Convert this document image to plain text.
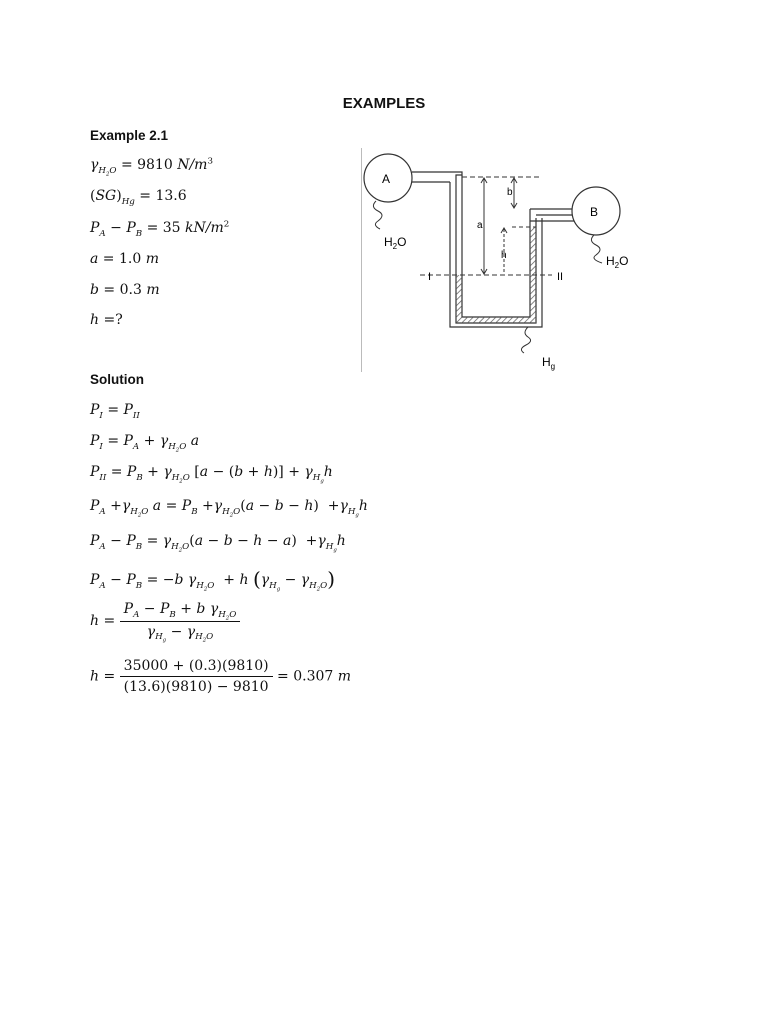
EXAMPLES
Example 2.1
$\gamma_{H_2O} = 9810$ $N/m^3$
$(SG)_{Hg} = 13.6$
$P_A - P_B = 35$ $kN/m^2$
a = 1.0 m
b = 0.3 m
h =?
A
B
a
b
h
I	II
$H_2O$
$H_2O$
$H_g$
Solution
$P_I = P_{II}$
$P_I = P_A + \gamma_{H_2O}$ a
$P_{II} = P_B + \gamma_{H_2O}$ $[a - (b + h)] + \gamma_{H_g}h$
$P_A +\gamma_{H_2O}$ $a = P_B +\gamma_{H_2O}(a - b - h) +\gamma_{H_g}h$
$P_A - P_B = \gamma_{H_2O}(a - b - h - a) +\gamma_{H_g}h$
$P_A - P_B = -b$ $\gamma_{H_2O} + h$ $(\gamma_{H_g} - \gamma_{H_2O})$
$h = \frac{P_A - P_B + b \gamma_{H_2O}}{\gamma_{H_g} - \gamma_{H_2O}}$
$h = \frac{35000 + (0.3)(9810)}{(13.6)(9810) - 9810} = 0.307$ m
